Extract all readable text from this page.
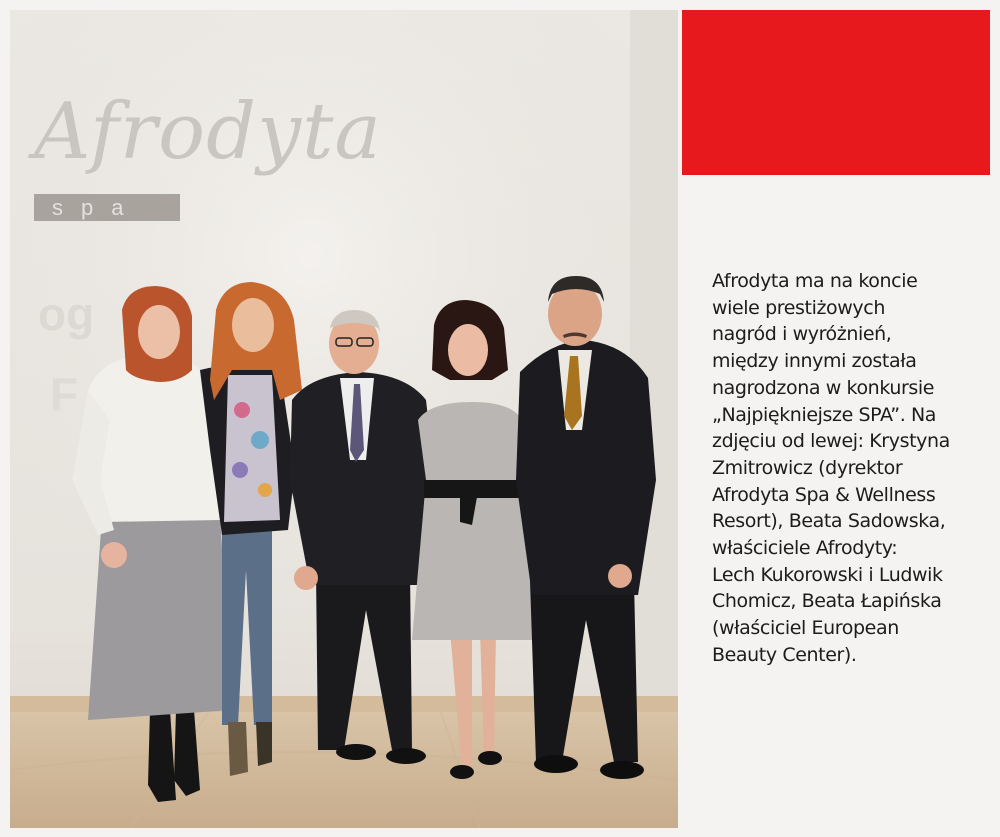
og
F
Afrodyta
spa
Afrodyta ma na koncie
wiele prestiżowych
nagród i wyróżnień,
między innymi została
nagrodzona w konkursie
„Najpiękniejsze SPA”. Na
zdjęciu od lewej: Krystyna
Zmitrowicz (dyrektor
Afrodyta Spa & Wellness
Resort), Beata Sadowska,
właściciele Afrodyty:
Lech Kukorowski i Ludwik
Chomicz, Beata Łapińska
(właściciel European
Beauty Center).
